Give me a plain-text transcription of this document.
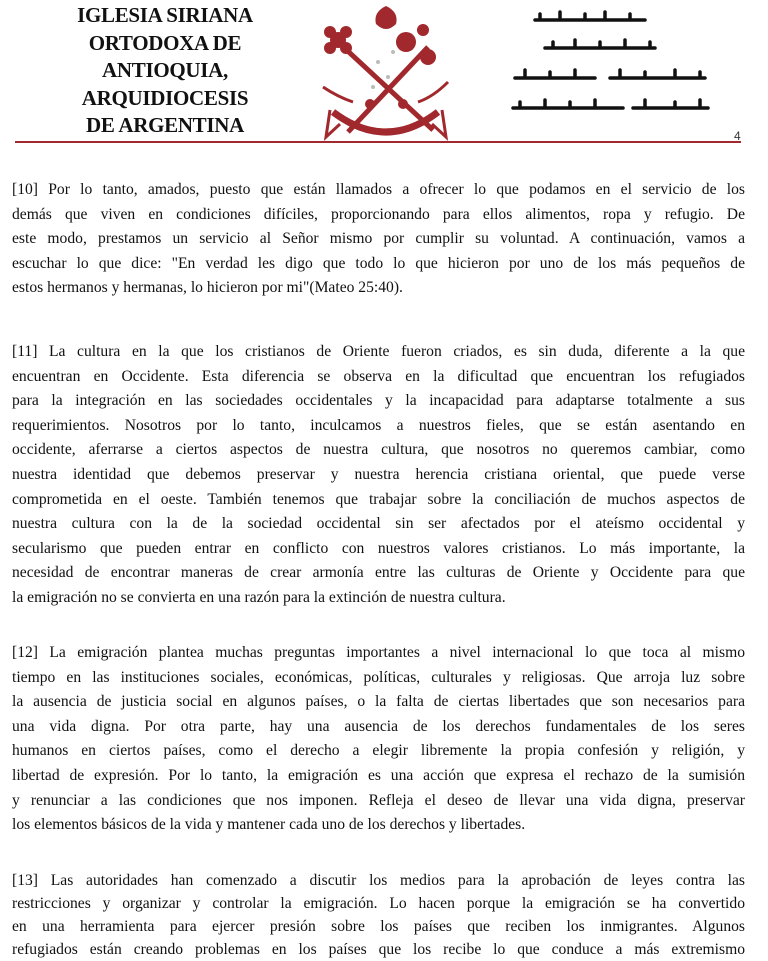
IGLESIA SIRIANA
ORTODOXA DE
ANTIOQUIA,
ARQUIDIOCESIS
DE ARGENTINA	4
[10] Por lo tanto, amados, puesto que están llamados a ofrecer lo que podamos en el servicio de los
demás que viven en condiciones difíciles, proporcionando para ellos alimentos, ropa y refugio. De
este modo, prestamos un servicio al Señor mismo por cumplir su voluntad. A continuación, vamos a
escuchar lo que dice: "En verdad les digo que todo lo que hicieron por uno de los más pequeños de
estos hermanos y hermanas, lo hicieron por mi"(Mateo 25:40).
[11] La cultura en la que los cristianos de Oriente fueron criados, es sin duda, diferente a la que
encuentran en Occidente. Esta diferencia se observa en la dificultad que encuentran los refugiados
para la integración en las sociedades occidentales y la incapacidad para adaptarse totalmente a sus
requerimientos. Nosotros por lo tanto, inculcamos a nuestros fieles, que se están asentando en
occidente, aferrarse a ciertos aspectos de nuestra cultura, que nosotros no queremos cambiar, como
nuestra identidad que debemos preservar y nuestra herencia cristiana oriental, que puede verse
comprometida en el oeste. También tenemos que trabajar sobre la conciliación de muchos aspectos de
nuestra cultura con la de la sociedad occidental sin ser afectados por el ateísmo occidental y
secularismo que pueden entrar en conflicto con nuestros valores cristianos. Lo más importante, la
necesidad de encontrar maneras de crear armonía entre las culturas de Oriente y Occidente para que
la emigración no se convierta en una razón para la extinción de nuestra cultura.
[12] La emigración plantea muchas preguntas importantes a nivel internacional lo que toca al mismo
tiempo en las instituciones sociales, económicas, políticas, culturales y religiosas. Que arroja luz sobre
la ausencia de justicia social en algunos países, o la falta de ciertas libertades que son necesarios para
una vida digna. Por otra parte, hay una ausencia de los derechos fundamentales de los seres
humanos en ciertos países, como el derecho a elegir libremente la propia confesión y religión, y
libertad de expresión. Por lo tanto, la emigración es una acción que expresa el rechazo de la sumisión
y renunciar a las condiciones que nos imponen. Refleja el deseo de llevar una vida digna, preservar
los elementos básicos de la vida y mantener cada uno de los derechos y libertades.
[13] Las autoridades han comenzado a discutir los medios para la aprobación de leyes contra las
restricciones y organizar y controlar la emigración. Lo hacen porque la emigración se ha convertido
en una herramienta para ejercer presión sobre los países que reciben los inmigrantes. Algunos
refugiados están creando problemas en los países que los recibe lo que conduce a más extremismo
